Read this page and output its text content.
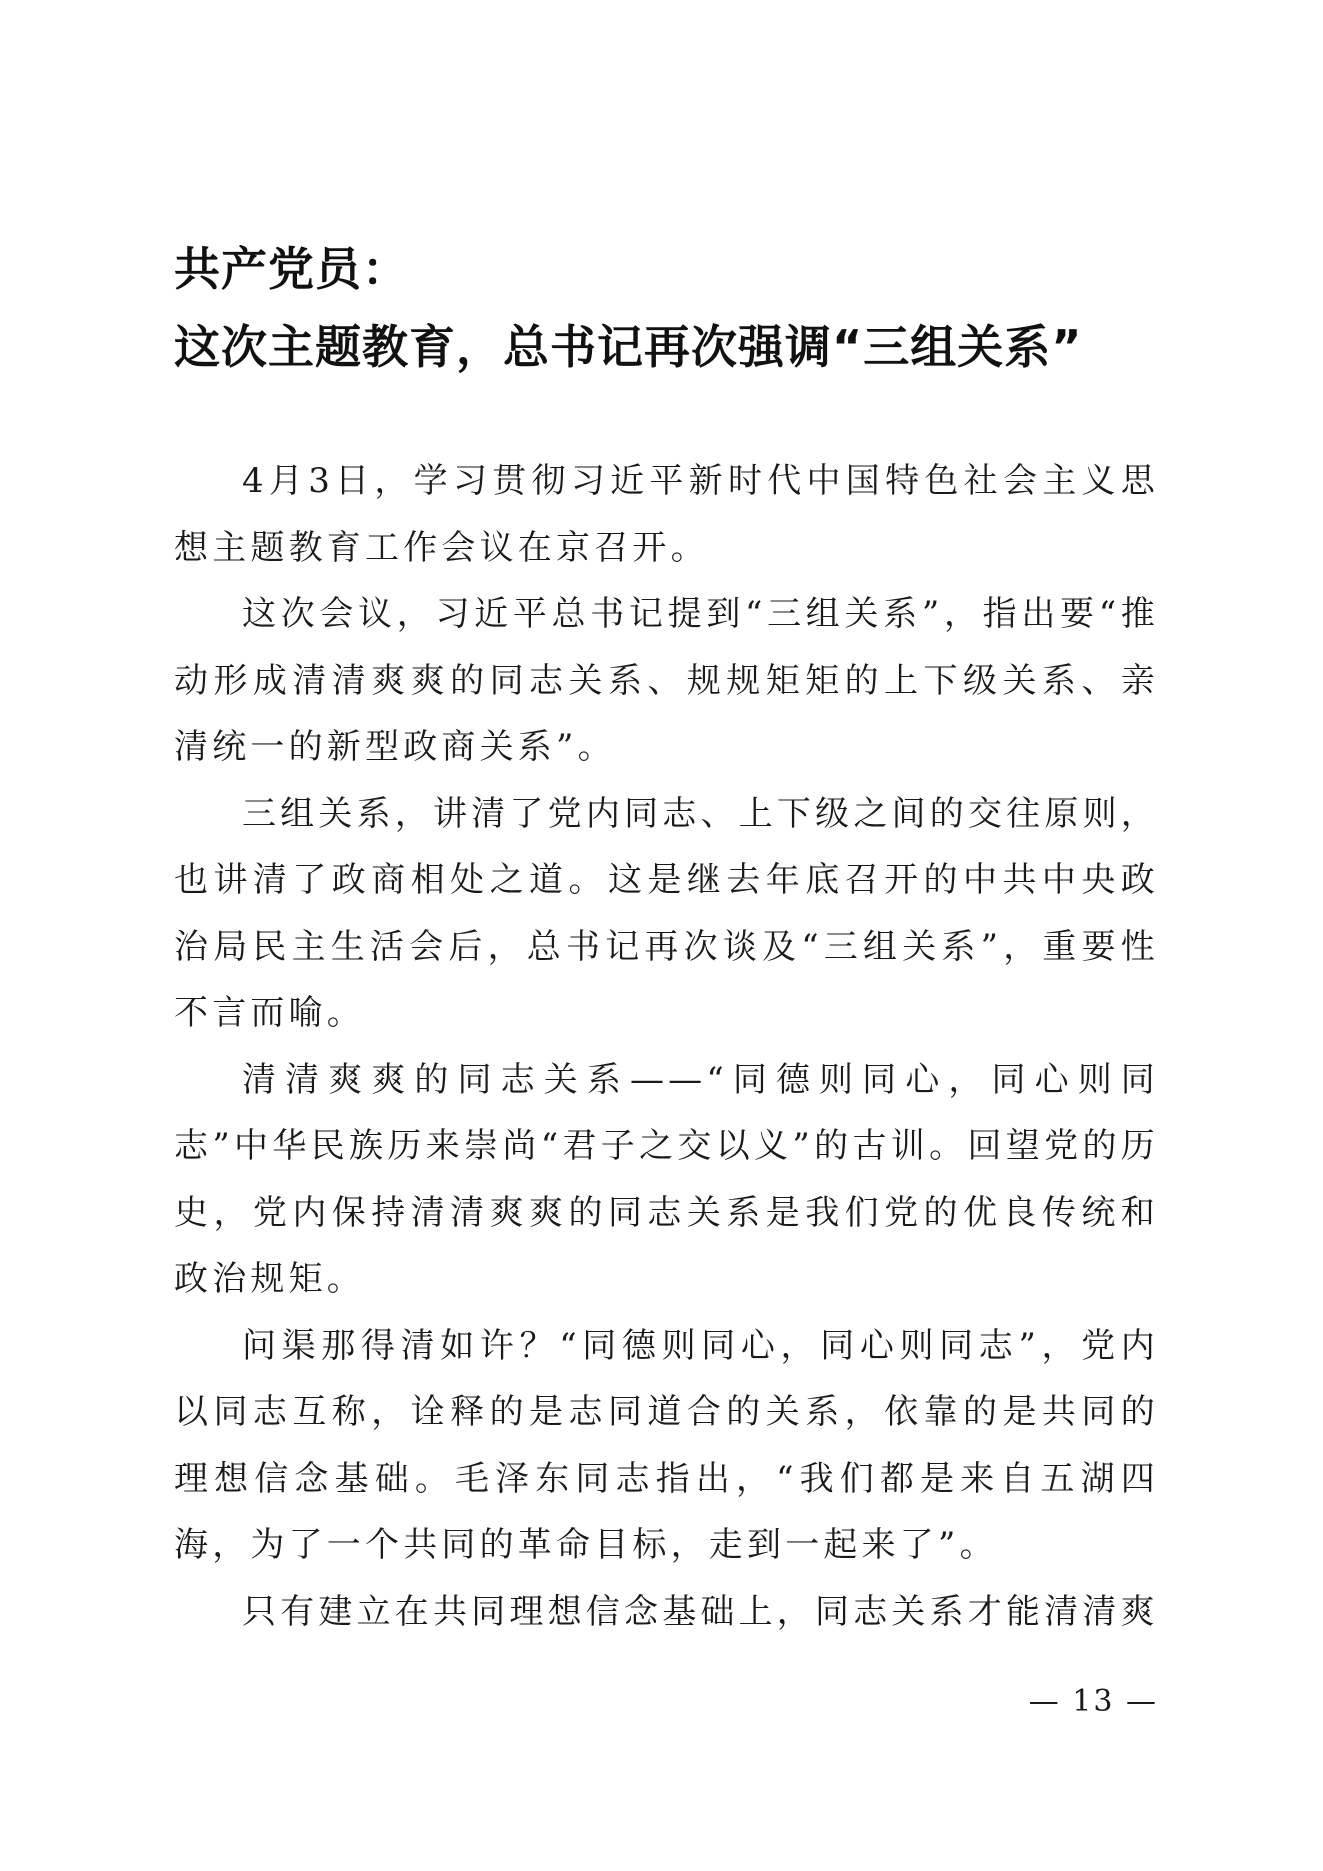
共产党员：
这次主题教育，总书记再次强调“三组关系”

4月3日，学习贯彻习近平新时代中国特色社会主义思想主题教育工作会议在京召开。

这次会议，习近平总书记提到“三组关系”，指出要“推动形成清清爽爽的同志关系、规规矩矩的上下级关系、亲清统一的新型政商关系”。

三组关系，讲清了党内同志、上下级之间的交往原则，也讲清了政商相处之道。这是继去年底召开的中共中央政治局民主生活会后，总书记再次谈及“三组关系”，重要性不言而喻。

清清爽爽的同志关系——“同德则同心，同心则同志”中华民族历来崇尚“君子之交以义”的古训。回望党的历史，党内保持清清爽爽的同志关系是我们党的优良传统和政治规矩。

问渠那得清如许？“同德则同心，同心则同志”，党内以同志互称，诠释的是志同道合的关系，依靠的是共同的理想信念基础。毛泽东同志指出，“我们都是来自五湖四海，为了一个共同的革命目标，走到一起来了”。

只有建立在共同理想信念基础上，同志关系才能清清爽

— 13 —
